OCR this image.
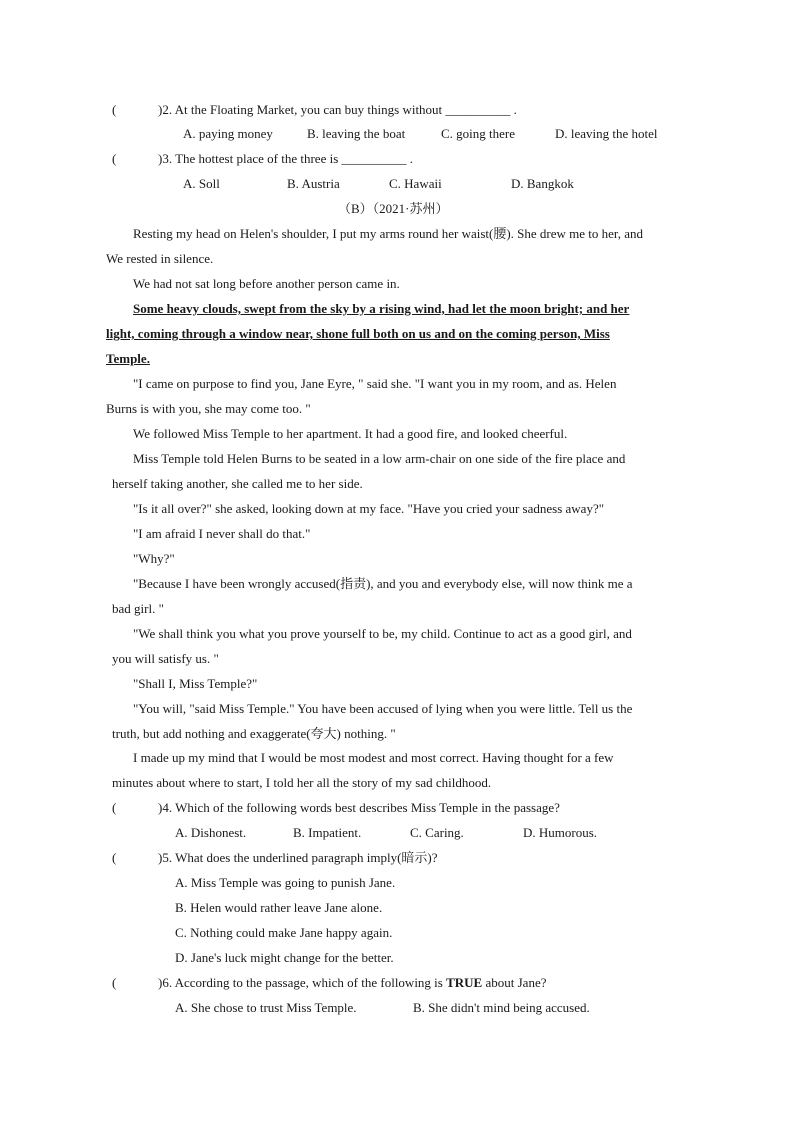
(	)2. At the Floating Market, you can buy things without __________ .
A. paying money	B. leaving the boat	C. going there	D. leaving the hotel
(	)3. The hottest place of the three is __________ .
A. Soll	B. Austria	C. Hawaii	D. Bangkok
（B）（2021·苏州）
Resting my head on Helen's shoulder, I put my arms round her waist(腰). She drew me to her, and
We rested in silence.
We had not sat long before another person came in.
Some heavy clouds, swept from the sky by a rising wind, had let the moon bright; and her
light, coming through a window near, shone full both on us and on the coming person, Miss
Temple.
"I came on purpose to find you, Jane Eyre, " said she. "I want you in my room, and as. Helen
Burns is with you, she may come too. "
We followed Miss Temple to her apartment. It had a good fire, and looked cheerful.
Miss Temple told Helen Burns to be seated in a low arm-chair on one side of the fire place and
herself taking another, she called me to her side.
"Is it all over?" she asked, looking down at my face. "Have you cried your sadness away?"
"I am afraid I never shall do that."
"Why?"
"Because I have been wrongly accused(指责), and you and everybody else, will now think me a
bad girl. "
"We shall think you what you prove yourself to be, my child. Continue to act as a good girl, and
you will satisfy us. "
"Shall I, Miss Temple?"
"You will, "said Miss Temple." You have been accused of lying when you were little. Tell us the
truth, but add nothing and exaggerate(夸大) nothing. "
I made up my mind that I would be most modest and most correct. Having thought for a few
minutes about where to start, I told her all the story of my sad childhood.
(	)4. Which of the following words best describes Miss Temple in the passage?
A. Dishonest.	B. Impatient.	C. Caring.	D. Humorous.
(	)5. What does the underlined paragraph imply(暗示)?
A. Miss Temple was going to punish Jane.
B. Helen would rather leave Jane alone.
C. Nothing could make Jane happy again.
D. Jane's luck might change for the better.
(	)6. According to the passage, which of the following is TRUE about Jane?
A. She chose to trust Miss Temple.	B. She didn't mind being accused.
